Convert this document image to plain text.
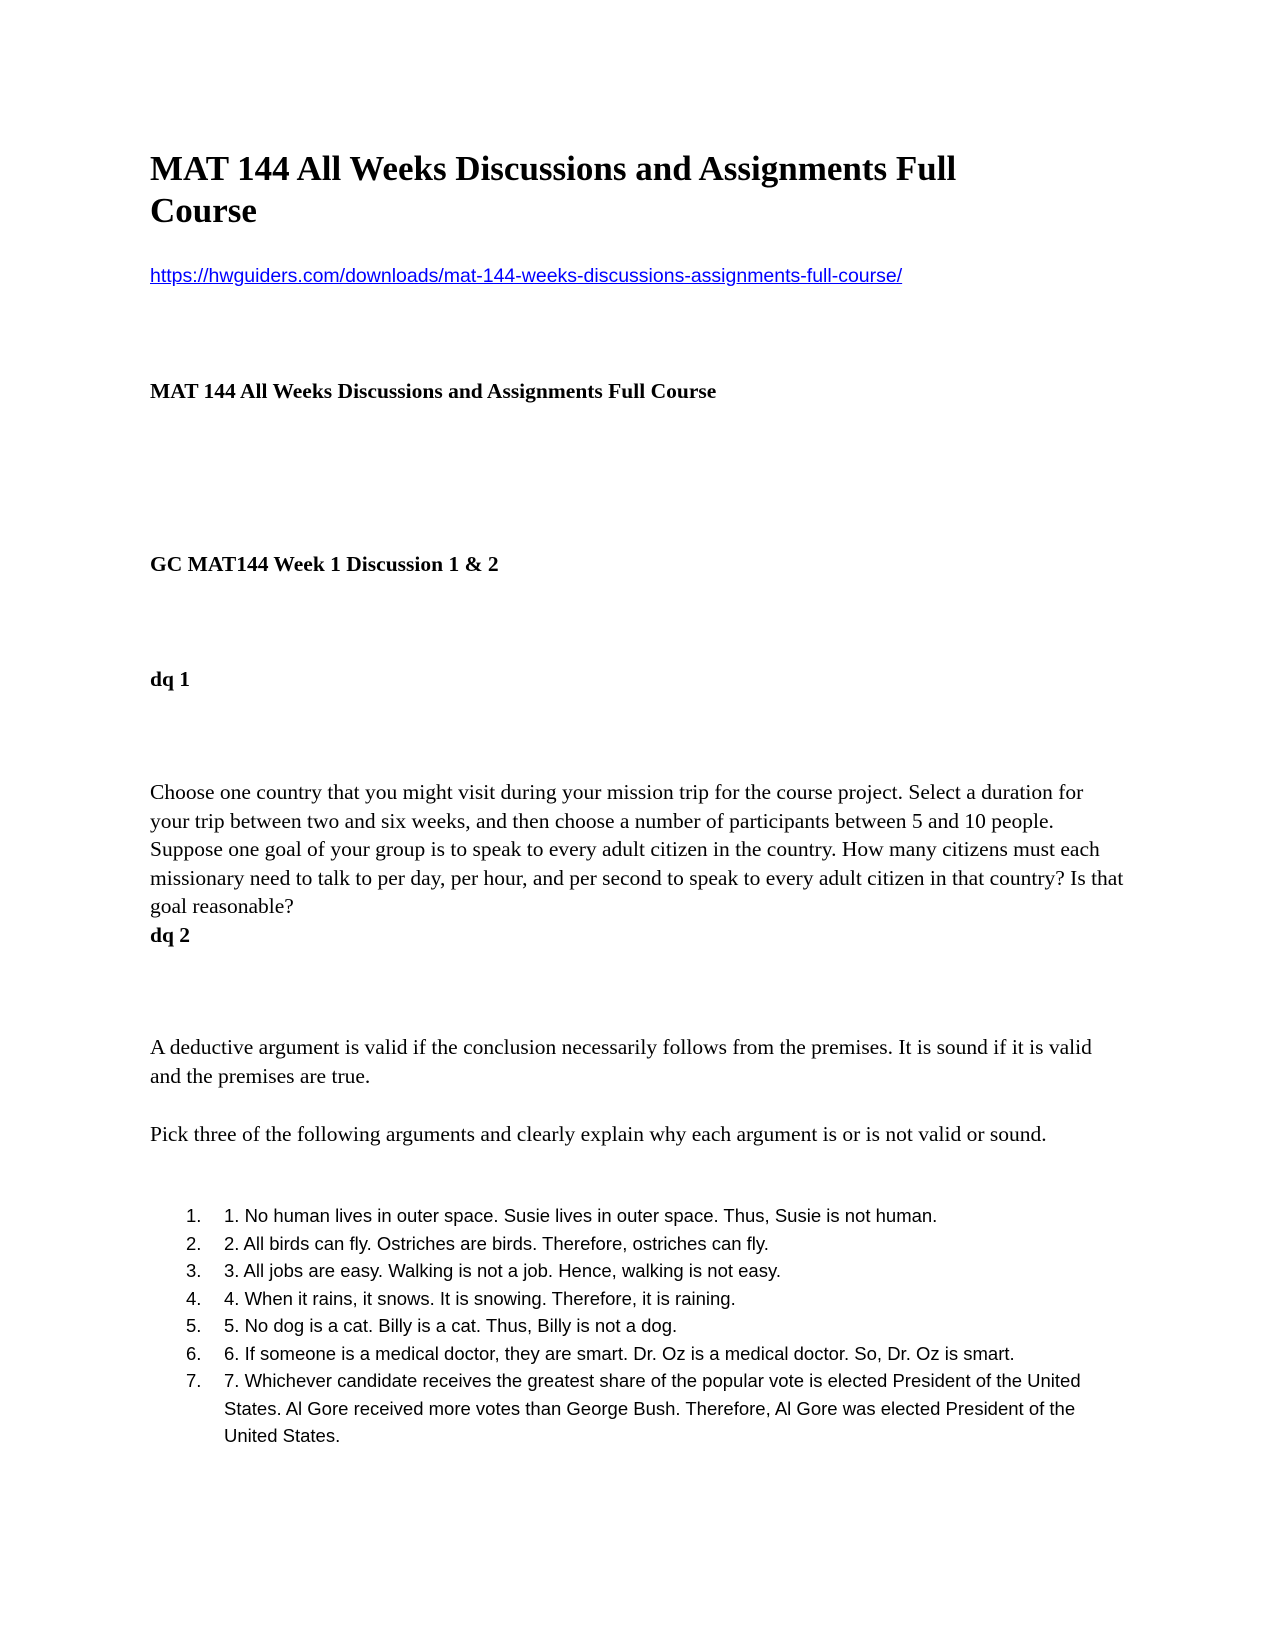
MAT 144 All Weeks Discussions and Assignments Full Course
https://hwguiders.com/downloads/mat-144-weeks-discussions-assignments-full-course/
MAT 144 All Weeks Discussions and Assignments Full Course
GC MAT144 Week 1 Discussion 1 & 2
dq 1

Choose one country that you might visit during your mission trip for the course project. Select a duration for your trip between two and six weeks, and then choose a number of participants between 5 and 10 people. Suppose one goal of your group is to speak to every adult citizen in the country. How many citizens must each missionary need to talk to per day, per hour, and per second to speak to every adult citizen in that country? Is that goal reasonable?

dq 2

A deductive argument is valid if the conclusion necessarily follows from the premises. It is sound if it is valid and the premises are true.

Pick three of the following arguments and clearly explain why each argument is or is not valid or sound.

1. 1. No human lives in outer space. Susie lives in outer space. Thus, Susie is not human.
2. 2. All birds can fly. Ostriches are birds. Therefore, ostriches can fly.
3. 3. All jobs are easy. Walking is not a job. Hence, walking is not easy.
4. 4. When it rains, it snows. It is snowing. Therefore, it is raining.
5. 5. No dog is a cat. Billy is a cat. Thus, Billy is not a dog.
6. 6. If someone is a medical doctor, they are smart. Dr. Oz is a medical doctor. So, Dr. Oz is smart.
7. 7. Whichever candidate receives the greatest share of the popular vote is elected President of the United States. Al Gore received more votes than George Bush. Therefore, Al Gore was elected President of the United States.
